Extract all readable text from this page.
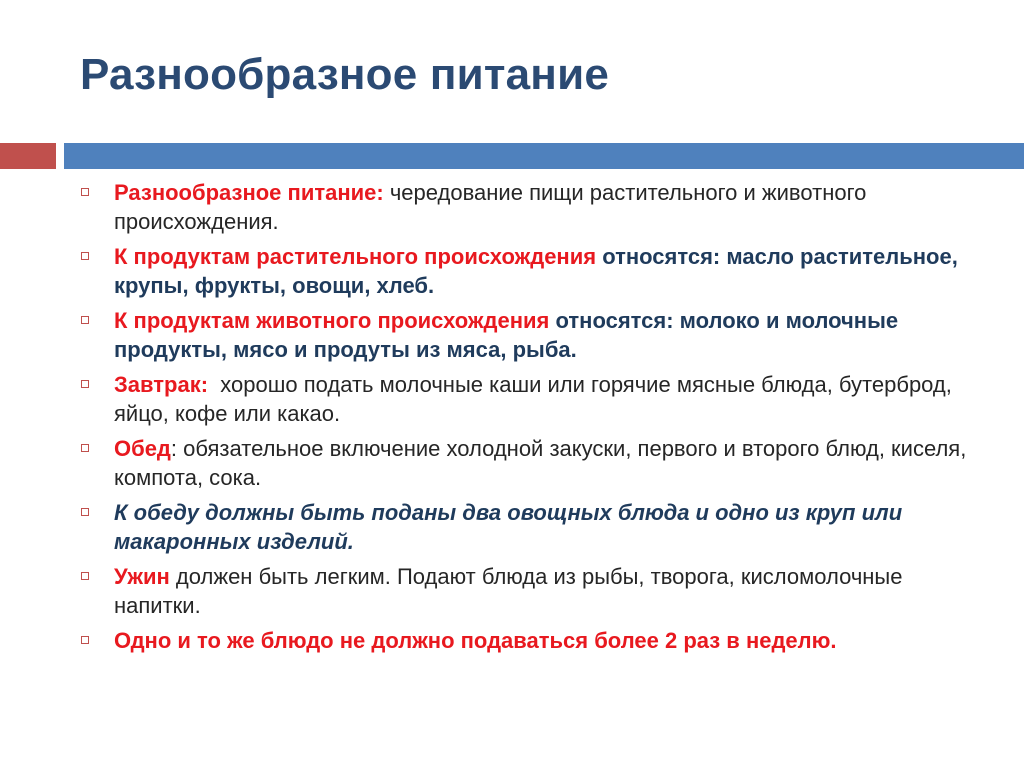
Разнообразное питание
Разнообразное питание: чередование пищи растительного и животного происхождения.
К продуктам растительного происхождения относятся: масло растительное, крупы, фрукты, овощи, хлеб.
К продуктам животного происхождения относятся: молоко и молочные продукты, мясо и продуты из мяса, рыба.
Завтрак:  хорошо подать молочные каши или горячие мясные блюда, бутерброд, яйцо, кофе или какао.
Обед: обязательное включение холодной закуски, первого и второго блюд, киселя, компота, сока.
К обеду должны быть поданы два овощных блюда и одно из круп или макаронных изделий.
Ужин должен быть легким. Подают блюда из рыбы, творога, кисломолочные напитки.
Одно и то же блюдо не должно подаваться более 2 раз в неделю.
